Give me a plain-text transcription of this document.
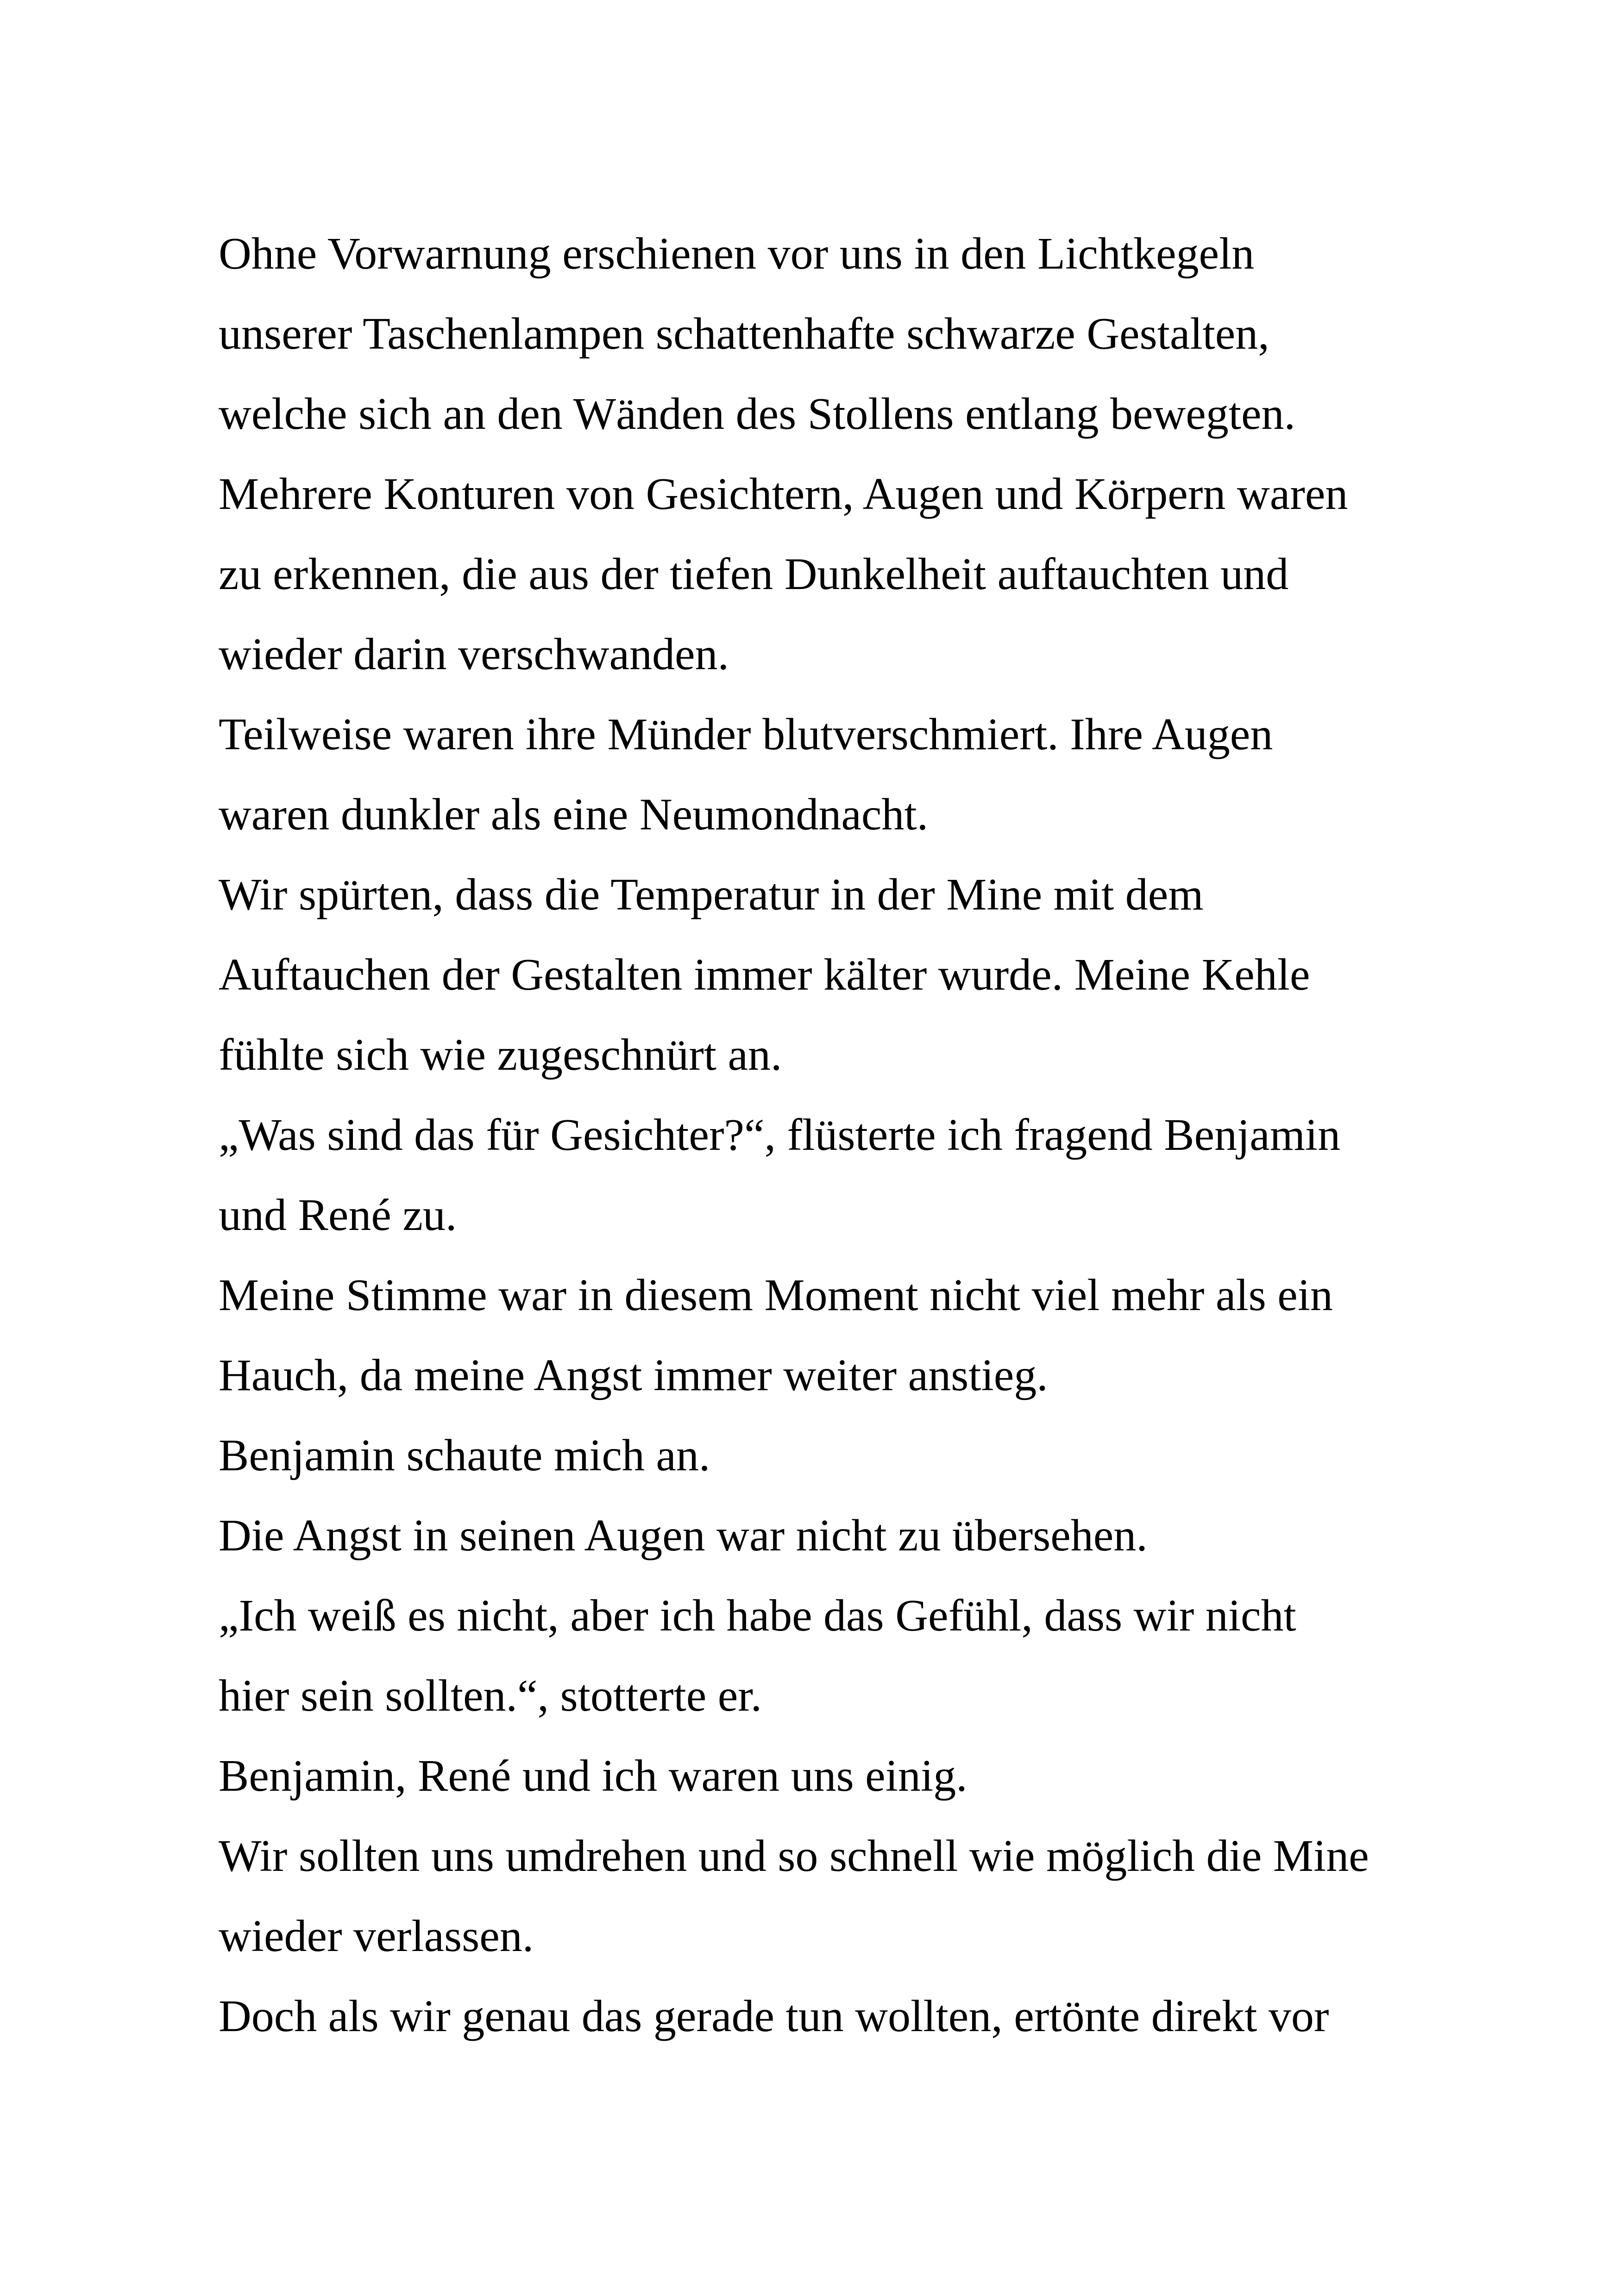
Ohne Vorwarnung erschienen vor uns in den Lichtkegeln
unserer Taschenlampen schattenhafte schwarze Gestalten,
welche sich an den Wänden des Stollens entlang bewegten.
Mehrere Konturen von Gesichtern, Augen und Körpern waren
zu erkennen, die aus der tiefen Dunkelheit auftauchten und
wieder darin verschwanden.
Teilweise waren ihre Münder blutverschmiert. Ihre Augen
waren dunkler als eine Neumondnacht.
Wir spürten, dass die Temperatur in der Mine mit dem
Auftauchen der Gestalten immer kälter wurde. Meine Kehle
fühlte sich wie zugeschnürt an.
„Was sind das für Gesichter?“, flüsterte ich fragend Benjamin
und René zu.
Meine Stimme war in diesem Moment nicht viel mehr als ein
Hauch, da meine Angst immer weiter anstieg.
Benjamin schaute mich an.
Die Angst in seinen Augen war nicht zu übersehen.
„Ich weiß es nicht, aber ich habe das Gefühl, dass wir nicht
hier sein sollten.“, stotterte er.
Benjamin, René und ich waren uns einig.
Wir sollten uns umdrehen und so schnell wie möglich die Mine
wieder verlassen.
Doch als wir genau das gerade tun wollten, ertönte direkt vor
